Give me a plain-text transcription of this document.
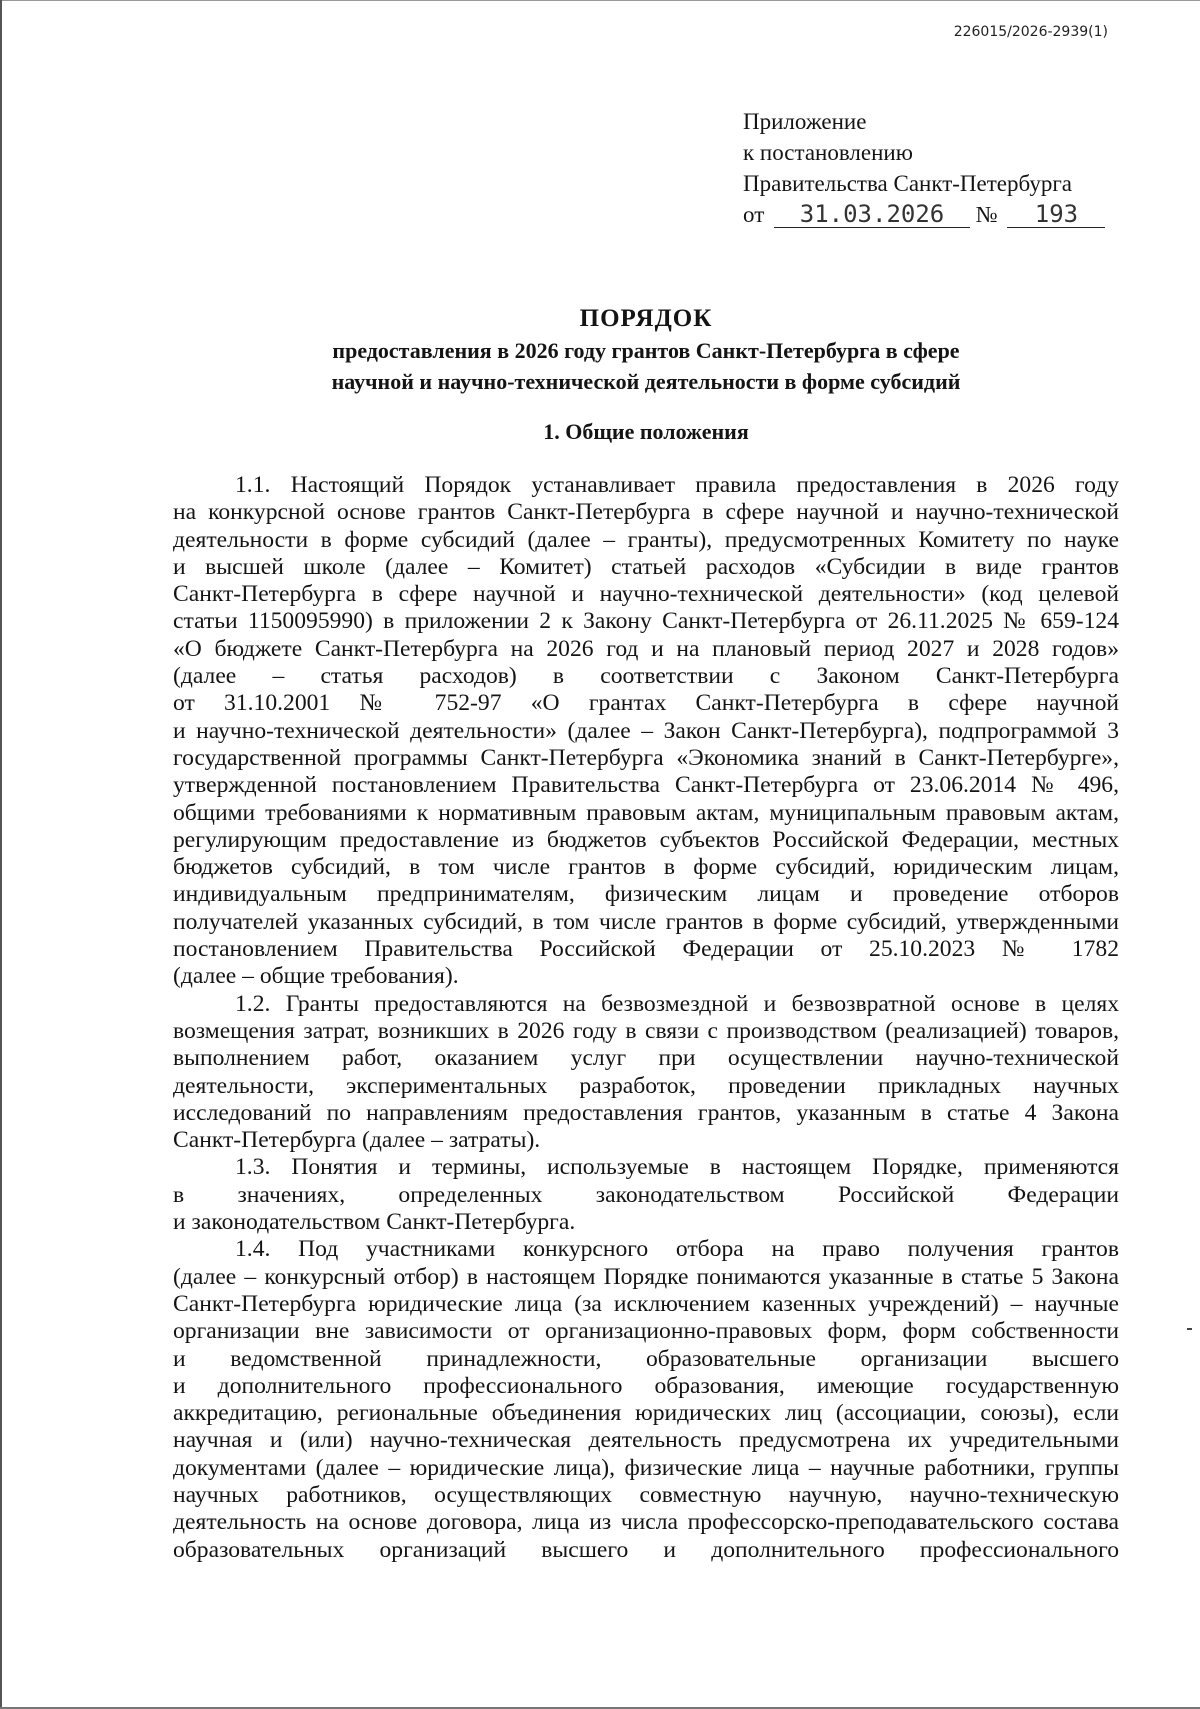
226015/2026-2939(1)
Приложение
к постановлению
Правительства Санкт-Петербурга
от 31.03.2026 № 193
ПОРЯДОК
предоставления в 2026 году грантов Санкт-Петербурга в сфере
научной и научно-технической деятельности в форме субсидий
1. Общие положения
1.1. Настоящий Порядок устанавливает правила предоставления в 2026 году
на конкурсной основе грантов Санкт-Петербурга в сфере научной и научно-технической
деятельности в форме субсидий (далее – гранты), предусмотренных Комитету по науке
и высшей школе (далее – Комитет) статьей расходов «Субсидии в виде грантов
Санкт-Петербурга в сфере научной и научно-технической деятельности» (код целевой
статьи 1150095990) в приложении 2 к Закону Санкт-Петербурга от 26.11.2025 № 659-124
«О бюджете Санкт-Петербурга на 2026 год и на плановый период 2027 и 2028 годов»
(далее – статья расходов) в соответствии с Законом Санкт-Петербурга
от 31.10.2001 № 752-97 «О грантах Санкт-Петербурга в сфере научной
и научно-технической деятельности» (далее – Закон Санкт-Петербурга), подпрограммой 3
государственной программы Санкт-Петербурга «Экономика знаний в Санкт-Петербурге»,
утвержденной постановлением Правительства Санкт-Петербурга от 23.06.2014 № 496,
общими требованиями к нормативным правовым актам, муниципальным правовым актам,
регулирующим предоставление из бюджетов субъектов Российской Федерации, местных
бюджетов субсидий, в том числе грантов в форме субсидий, юридическим лицам,
индивидуальным предпринимателям, физическим лицам и проведение отборов
получателей указанных субсидий, в том числе грантов в форме субсидий, утвержденными
постановлением Правительства Российской Федерации от 25.10.2023 № 1782
(далее – общие требования).
1.2. Гранты предоставляются на безвозмездной и безвозвратной основе в целях
возмещения затрат, возникших в 2026 году в связи с производством (реализацией) товаров,
выполнением работ, оказанием услуг при осуществлении научно-технической
деятельности, экспериментальных разработок, проведении прикладных научных
исследований по направлениям предоставления грантов, указанным в статье 4 Закона
Санкт-Петербурга (далее – затраты).
1.3. Понятия и термины, используемые в настоящем Порядке, применяются
в значениях, определенных законодательством Российской Федерации
и законодательством Санкт-Петербурга.
1.4. Под участниками конкурсного отбора на право получения грантов
(далее – конкурсный отбор) в настоящем Порядке понимаются указанные в статье 5 Закона
Санкт-Петербурга юридические лица (за исключением казенных учреждений) – научные
организации вне зависимости от организационно-правовых форм, форм собственности
и ведомственной принадлежности, образовательные организации высшего
и дополнительного профессионального образования, имеющие государственную
аккредитацию, региональные объединения юридических лиц (ассоциации, союзы), если
научная и (или) научно-техническая деятельность предусмотрена их учредительными
документами (далее – юридические лица), физические лица – научные работники, группы
научных работников, осуществляющих совместную научную, научно-техническую
деятельность на основе договора, лица из числа профессорско-преподавательского состава
образовательных организаций высшего и дополнительного профессионального
